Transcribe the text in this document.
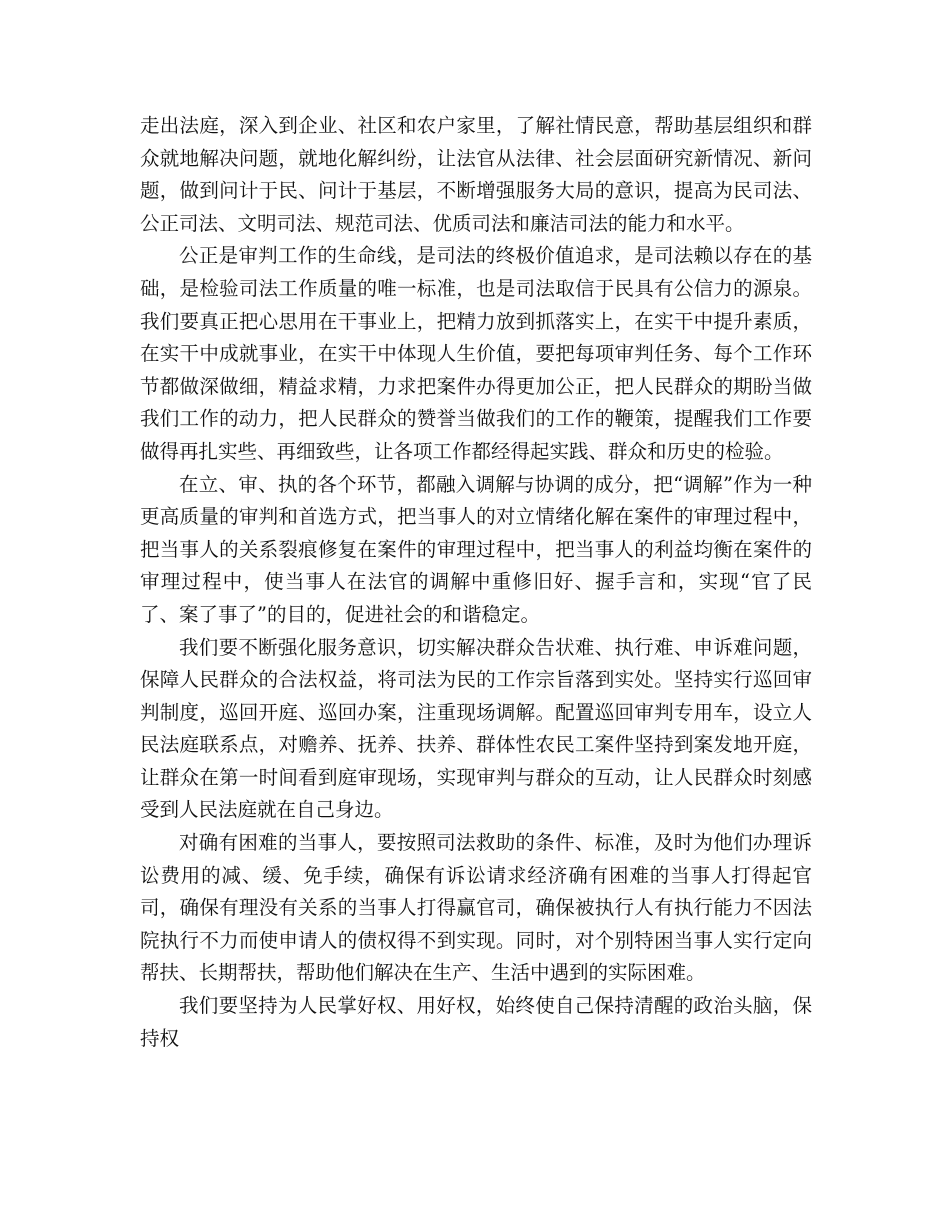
走出法庭，深入到企业、社区和农户家里，了解社情民意，帮助基层组织和群众就地解决问题，就地化解纠纷，让法官从法律、社会层面研究新情况、新问题，做到问计于民、问计于基层，不断增强服务大局的意识，提高为民司法、公正司法、文明司法、规范司法、优质司法和廉洁司法的能力和水平。

公正是审判工作的生命线，是司法的终极价值追求，是司法赖以存在的基础，是检验司法工作质量的唯一标准，也是司法取信于民具有公信力的源泉。我们要真正把心思用在干事业上，把精力放到抓落实上，在实干中提升素质，在实干中成就事业，在实干中体现人生价值，要把每项审判任务、每个工作环节都做深做细，精益求精，力求把案件办得更加公正，把人民群众的期盼当做我们工作的动力，把人民群众的赞誉当做我们的工作的鞭策，提醒我们工作要做得再扎实些、再细致些，让各项工作都经得起实践、群众和历史的检验。

在立、审、执的各个环节，都融入调解与协调的成分，把“调解”作为一种更高质量的审判和首选方式，把当事人的对立情绪化解在案件的审理过程中，把当事人的关系裂痕修复在案件的审理过程中，把当事人的利益均衡在案件的审理过程中，使当事人在法官的调解中重修旧好、握手言和，实现“官了民了、案了事了”的目的，促进社会的和谐稳定。

我们要不断强化服务意识，切实解决群众告状难、执行难、申诉难问题，保障人民群众的合法权益，将司法为民的工作宗旨落到实处。坚持实行巡回审判制度，巡回开庭、巡回办案，注重现场调解。配置巡回审判专用车，设立人民法庭联系点，对赡养、抚养、扶养、群体性农民工案件坚持到案发地开庭，让群众在第一时间看到庭审现场，实现审判与群众的互动，让人民群众时刻感受到人民法庭就在自己身边。

对确有困难的当事人，要按照司法救助的条件、标准，及时为他们办理诉讼费用的减、缓、免手续，确保有诉讼请求经济确有困难的当事人打得起官司，确保有理没有关系的当事人打得赢官司，确保被执行人有执行能力不因法院执行不力而使申请人的债权得不到实现。同时，对个别特困当事人实行定向帮扶、长期帮扶，帮助他们解决在生产、生活中遇到的实际困难。

我们要坚持为人民掌好权、用好权，始终使自己保持清醒的政治头脑，保持权
